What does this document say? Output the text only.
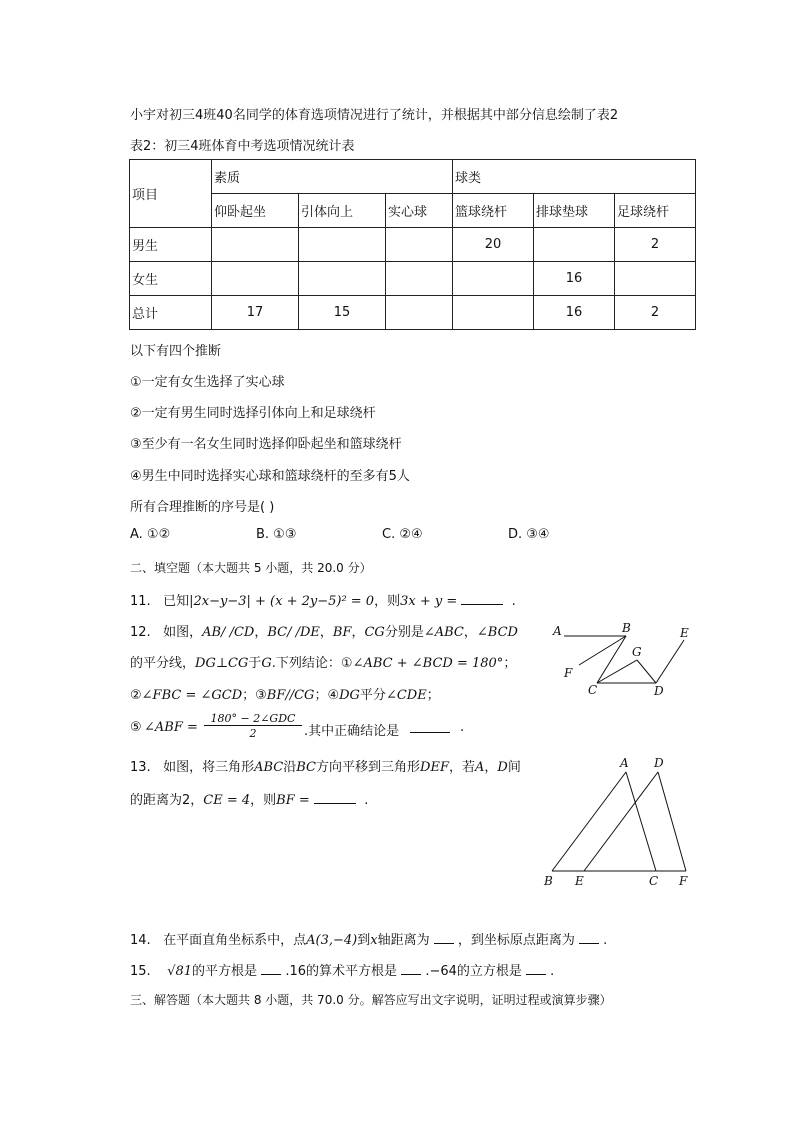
小宇对初三4班40名同学的体育选项情况进行了统计，并根据其中部分信息绘制了表2
表2：初三4班体育中考选项情况统计表
项目	素质			球类		
	仰卧起坐	引体向上	实心球	篮球绕杆	排球垫球	足球绕杆
男生				20		2
女生					16	
总计	17	15			16	2
以下有四个推断
①一定有女生选择了实心球
②一定有男生同时选择引体向上和足球绕杆
③至少有一名女生同时选择仰卧起坐和篮球绕杆
④男生中同时选择实心球和篮球绕杆的至多有5人
所有合理推断的序号是( )
A. ①②	B. ①③	C. ②④	D. ③④
二、填空题（本大题共 5 小题，共 20.0 分）
11. 已知|2x−y−3| + (x + 2y−5)² = 0，则3x + y =	.
12. 如图，AB/ /CD，BC/ /DE，BF，CG分别是∠ABC，∠BCD
的平分线，DG⊥CG于G.下列结论：①∠ABC + ∠BCD = 180°；
②∠FBC = ∠GCD；③BF//CG；④DG平分∠CDE；
⑤ ∠ABF =
180° − 2∠GDC
2	.其中正确结论是	.
A	B	E
F
G
C	D
13. 如图，将三角形ABC沿BC方向平移到三角形DEF，若A，D间
的距离为2，CE = 4，则BF =	.
A D
B E	C F
14. 在平面直角坐标系中，点A(3,−4)到x轴距离为 ，到坐标原点距离为 .
15. √81的平方根是 .16的算术平方根是 .−64的立方根是 .
三、解答题（本大题共 8 小题，共 70.0 分。解答应写出文字说明，证明过程或演算步骤）
